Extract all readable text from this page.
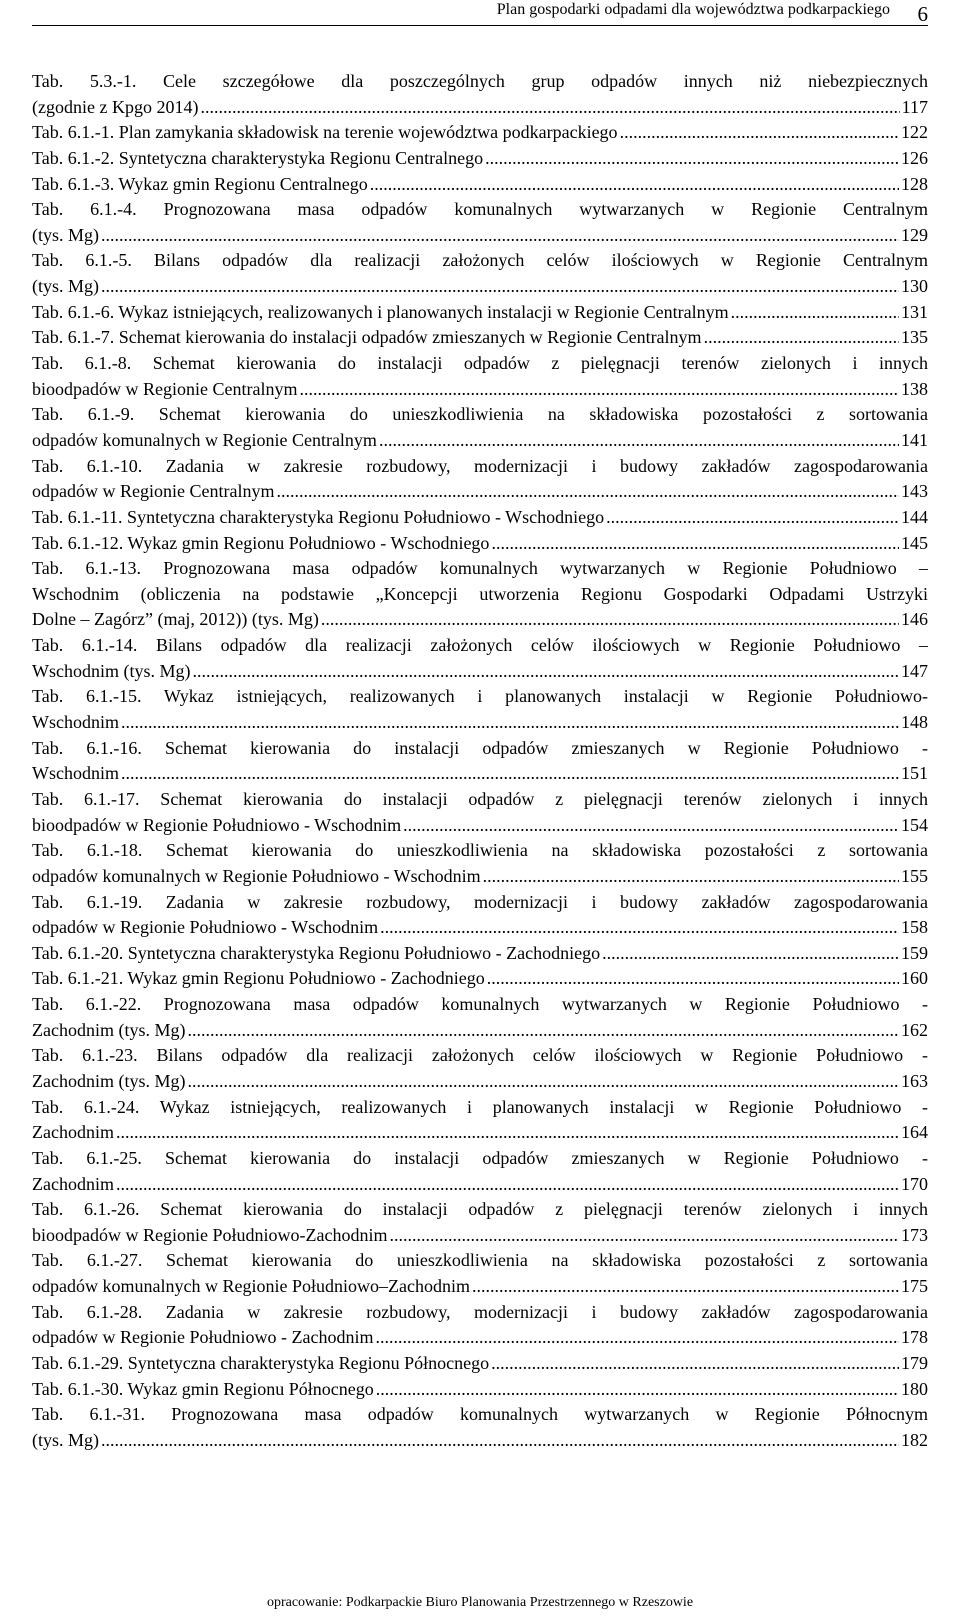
Plan gospodarki odpadami dla województwa podkarpackiego 6
Tab. 5.3.-1. Cele szczegółowe dla poszczególnych grup odpadów innych niż niebezpiecznych
(zgodnie z Kpgo 2014) .....	117
Tab. 6.1.-1. Plan zamykania składowisk na terenie województwa podkarpackiego .....	122
Tab. 6.1.-2. Syntetyczna charakterystyka Regionu Centralnego .....	126
Tab. 6.1.-3. Wykaz gmin Regionu Centralnego .....	128
Tab. 6.1.-4. Prognozowana masa odpadów komunalnych wytwarzanych w Regionie Centralnym
(tys. Mg) .....	129
Tab. 6.1.-5. Bilans odpadów dla realizacji założonych celów ilościowych w Regionie Centralnym
(tys. Mg) .....	130
Tab. 6.1.-6. Wykaz istniejących, realizowanych i planowanych instalacji w Regionie Centralnym .....	131
Tab. 6.1.-7. Schemat kierowania do instalacji odpadów zmieszanych w Regionie Centralnym .....	135
Tab. 6.1.-8. Schemat kierowania do instalacji odpadów z pielęgnacji terenów zielonych i innych
bioodpadów w Regionie Centralnym .....	138
Tab. 6.1.-9. Schemat kierowania do unieszkodliwienia na składowiska pozostałości z sortowania
odpadów komunalnych w Regionie Centralnym .....	141
Tab. 6.1.-10. Zadania w zakresie rozbudowy, modernizacji i budowy zakładów zagospodarowania
odpadów w Regionie Centralnym .....	143
Tab. 6.1.-11. Syntetyczna charakterystyka Regionu Południowo - Wschodniego .....	144
Tab. 6.1.-12. Wykaz gmin Regionu Południowo - Wschodniego .....	145
Tab. 6.1.-13. Prognozowana masa odpadów komunalnych wytwarzanych w Regionie Południowo –
Wschodnim (obliczenia na podstawie „Koncepcji utworzenia Regionu Gospodarki Odpadami Ustrzyki
Dolne – Zagórz” (maj, 2012)) (tys. Mg) .....	146
Tab. 6.1.-14. Bilans odpadów dla realizacji założonych celów ilościowych w Regionie Południowo –
Wschodnim (tys. Mg) .....	147
Tab. 6.1.-15. Wykaz istniejących, realizowanych i planowanych instalacji w Regionie Południowo-
Wschodnim .....	148
Tab. 6.1.-16. Schemat kierowania do instalacji odpadów zmieszanych w Regionie Południowo -
Wschodnim .....	151
Tab. 6.1.-17. Schemat kierowania do instalacji odpadów z pielęgnacji terenów zielonych i innych
bioodpadów w Regionie Południowo - Wschodnim .....	154
Tab. 6.1.-18. Schemat kierowania do unieszkodliwienia na składowiska pozostałości z sortowania
odpadów komunalnych w Regionie Południowo - Wschodnim .....	155
Tab. 6.1.-19. Zadania w zakresie rozbudowy, modernizacji i budowy zakładów zagospodarowania
odpadów w Regionie Południowo - Wschodnim .....	158
Tab. 6.1.-20. Syntetyczna charakterystyka Regionu Południowo - Zachodniego .....	159
Tab. 6.1.-21. Wykaz gmin Regionu Południowo - Zachodniego .....	160
Tab. 6.1.-22. Prognozowana masa odpadów komunalnych wytwarzanych w Regionie Południowo -
Zachodnim (tys. Mg) .....	162
Tab. 6.1.-23. Bilans odpadów dla realizacji założonych celów ilościowych w Regionie Południowo -
Zachodnim (tys. Mg) .....	163
Tab. 6.1.-24. Wykaz istniejących, realizowanych i planowanych instalacji w Regionie Południowo -
Zachodnim .....	164
Tab. 6.1.-25. Schemat kierowania do instalacji odpadów zmieszanych w Regionie Południowo -
Zachodnim .....	170
Tab. 6.1.-26. Schemat kierowania do instalacji odpadów z pielęgnacji terenów zielonych i innych
bioodpadów w Regionie Południowo-Zachodnim .....	173
Tab. 6.1.-27. Schemat kierowania do unieszkodliwienia na składowiska pozostałości z sortowania
odpadów komunalnych w Regionie Południowo–Zachodnim .....	175
Tab. 6.1.-28. Zadania w zakresie rozbudowy, modernizacji i budowy zakładów zagospodarowania
odpadów w Regionie Południowo - Zachodnim .....	178
Tab. 6.1.-29. Syntetyczna charakterystyka Regionu Północnego .....	179
Tab. 6.1.-30. Wykaz gmin Regionu Północnego .....	180
Tab. 6.1.-31. Prognozowana masa odpadów komunalnych wytwarzanych w Regionie Północnym
(tys. Mg) .....	182
opracowanie: Podkarpackie Biuro Planowania Przestrzennego w Rzeszowie
